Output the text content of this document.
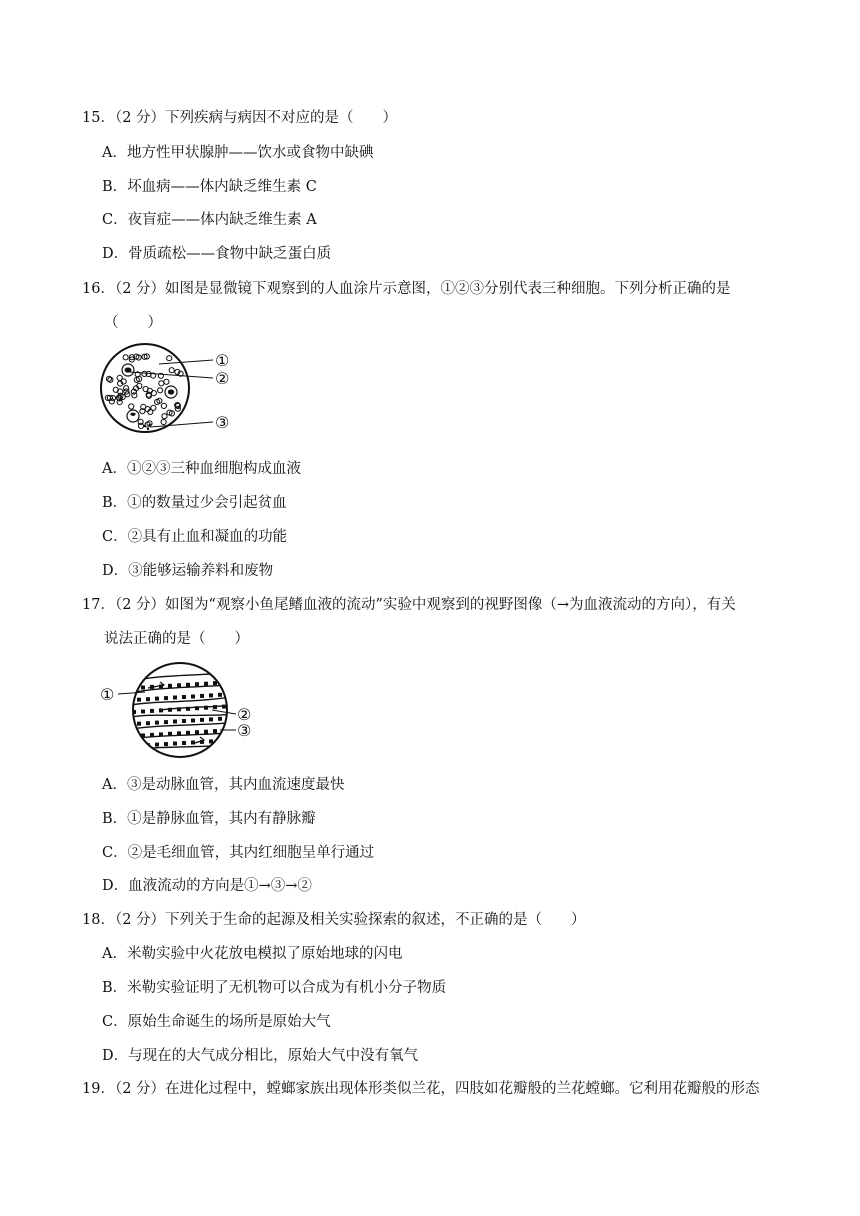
15．（2 分）下列疾病与病因不对应的是（　　）
A．地方性甲状腺肿——饮水或食物中缺碘
B．坏血病——体内缺乏维生素 C
C．夜盲症——体内缺乏维生素 A
D．骨质疏松——食物中缺乏蛋白质
16．（2 分）如图是显微镜下观察到的人血涂片示意图，①②③分别代表三种细胞。下列分析正确的是
（　　）
①
②
③
A．①②③三种血细胞构成血液
B．①的数量过少会引起贫血
C．②具有止血和凝血的功能
D．③能够运输养料和废物
17．（2 分）如图为“观察小鱼尾鳍血液的流动”实验中观察到的视野图像（→为血液流动的方向），有关
说法正确的是（　　）
①
②
③
A．③是动脉血管，其内血流速度最快
B．①是静脉血管，其内有静脉瓣
C．②是毛细血管，其内红细胞呈单行通过
D．血液流动的方向是①→③→②
18．（2 分）下列关于生命的起源及相关实验探索的叙述，不正确的是（　　）
A．米勒实验中火花放电模拟了原始地球的闪电
B．米勒实验证明了无机物可以合成为有机小分子物质
C．原始生命诞生的场所是原始大气
D．与现在的大气成分相比，原始大气中没有氧气
19．（2 分）在进化过程中，螳螂家族出现体形类似兰花，四肢如花瓣般的兰花螳螂。它利用花瓣般的形态
